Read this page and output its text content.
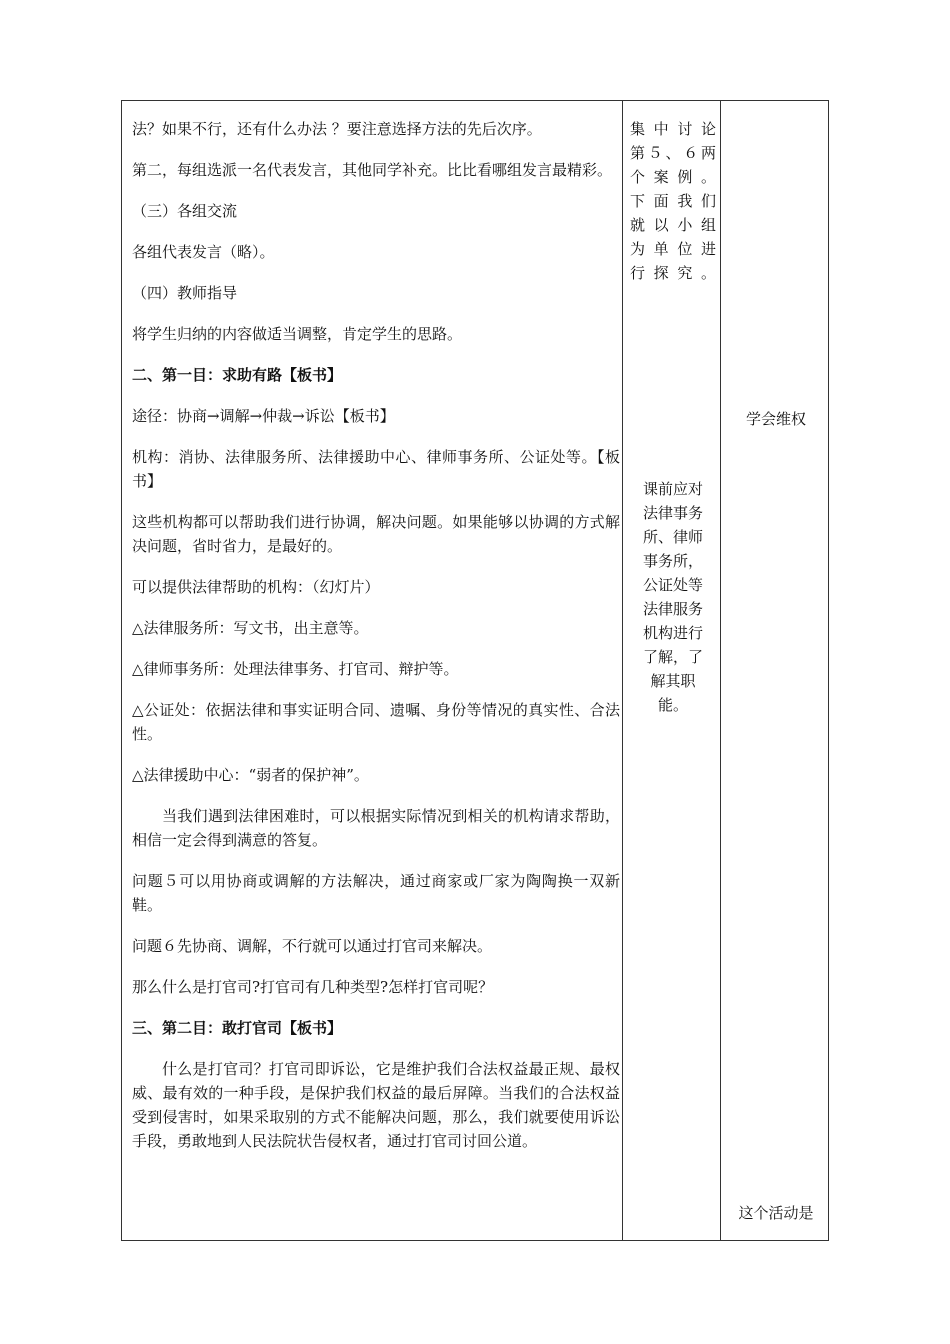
法？如果不行，还有什么办法 ？要注意选择方法的先后次序。

第二，每组选派一名代表发言，其他同学补充。比比看哪组发言最精彩。

（三）各组交流

各组代表发言（略）。

（四）教师指导

将学生归纳的内容做适当调整，肯定学生的思路。

二、第一目：求助有路【板书】

途径：协商→调解→仲裁→诉讼【板书】

机构：消协、法律服务所、法律援助中心、律师事务所、公证处等。【板书】

这些机构都可以帮助我们进行协调，解决问题。如果能够以协调的方式解决问题，省时省力，是最好的。

可以提供法律帮助的机构：（幻灯片）

△法律服务所：写文书，出主意等。

△律师事务所：处理法律事务、打官司、辩护等。

△公证处：依据法律和事实证明合同、遗嘱、身份等情况的真实性、合法性。

△法律援助中心：“弱者的保护神”。

当我们遇到法律困难时，可以根据实际情况到相关的机构请求帮助，相信一定会得到满意的答复。

问题５可以用协商或调解的方法解决，通过商家或厂家为陶陶换一双新鞋。

问题６先协商、调解，不行就可以通过打官司来解决。

那么什么是打官司?打官司有几种类型?怎样打官司呢？

三、第二目：敢打官司【板书】

什么是打官司？打官司即诉讼，它是维护我们合法权益最正规、最权威、最有效的一种手段，是保护我们权益的最后屏障。当我们的合法权益受到侵害时，如果采取别的方式不能解决问题，那么，我们就要使用诉讼手段，勇敢地到人民法院状告侵权者，通过打官司讨回公道。

集中讨论
第５、６两
个案例。
下面我们
就以小组
为单位进
行探究。
课前应对
法律事务
所、律师
事务所，
公证处等
法律服务
机构进行
了解，了
解其职
能。
学会维权
这个活动是
